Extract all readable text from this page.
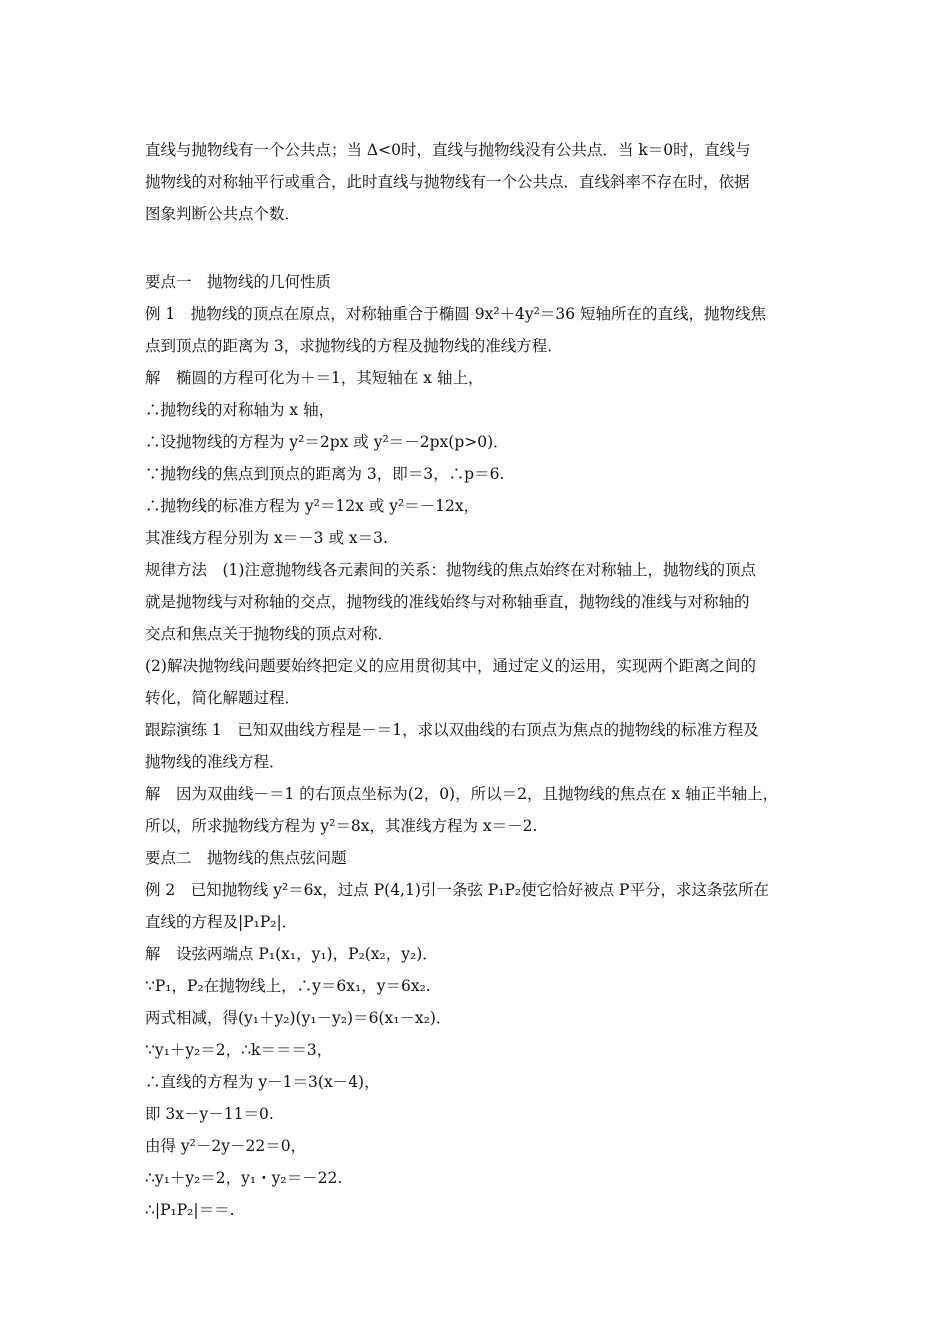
直线与抛物线有一个公共点；当 Δ<0时，直线与抛物线没有公共点．当 k＝0时，直线与
抛物线的对称轴平行或重合，此时直线与抛物线有一个公共点．直线斜率不存在时，依据
图象判断公共点个数．
要点一　抛物线的几何性质
例 1　抛物线的顶点在原点，对称轴重合于椭圆 9x²＋4y²＝36 短轴所在的直线，抛物线焦
点到顶点的距离为 3，求抛物线的方程及抛物线的准线方程．
解　椭圆的方程可化为＋＝1，其短轴在 x 轴上，
∴抛物线的对称轴为 x 轴，
∴设抛物线的方程为 y²＝2px 或 y²＝－2px(p>0)．
∵抛物线的焦点到顶点的距离为 3，即＝3，∴p＝6.
∴抛物线的标准方程为 y²＝12x 或 y²＝－12x，
其准线方程分别为 x＝－3 或 x＝3.
规律方法　(1)注意抛物线各元素间的关系：抛物线的焦点始终在对称轴上，抛物线的顶点
就是抛物线与对称轴的交点，抛物线的准线始终与对称轴垂直，抛物线的准线与对称轴的
交点和焦点关于抛物线的顶点对称．
(2)解决抛物线问题要始终把定义的应用贯彻其中，通过定义的运用，实现两个距离之间的
转化，简化解题过程．
跟踪演练 1　已知双曲线方程是－＝1，求以双曲线的右顶点为焦点的抛物线的标准方程及
抛物线的准线方程．
解　因为双曲线－＝1 的右顶点坐标为(2，0)，所以＝2，且抛物线的焦点在 x 轴正半轴上，
所以，所求抛物线方程为 y²＝8x，其准线方程为 x＝－2.
要点二　抛物线的焦点弦问题
例 2　已知抛物线 y²＝6x，过点 P(4,1)引一条弦 P₁P₂使它恰好被点 P平分，求这条弦所在
直线的方程及|P₁P₂|．
解　设弦两端点 P₁(x₁，y₁)，P₂(x₂，y₂)．
∵P₁，P₂在抛物线上，∴y＝6x₁，y＝6x₂.
两式相减，得(y₁＋y₂)(y₁－y₂)＝6(x₁－x₂)．
∵y₁＋y₂＝2，∴k＝＝＝3，
∴直线的方程为 y－1＝3(x－4)，
即 3x－y－11＝0.
由得 y²－2y－22＝0，
∴y₁＋y₂＝2，y₁・y₂＝－22.
∴|P₁P₂|＝＝.
